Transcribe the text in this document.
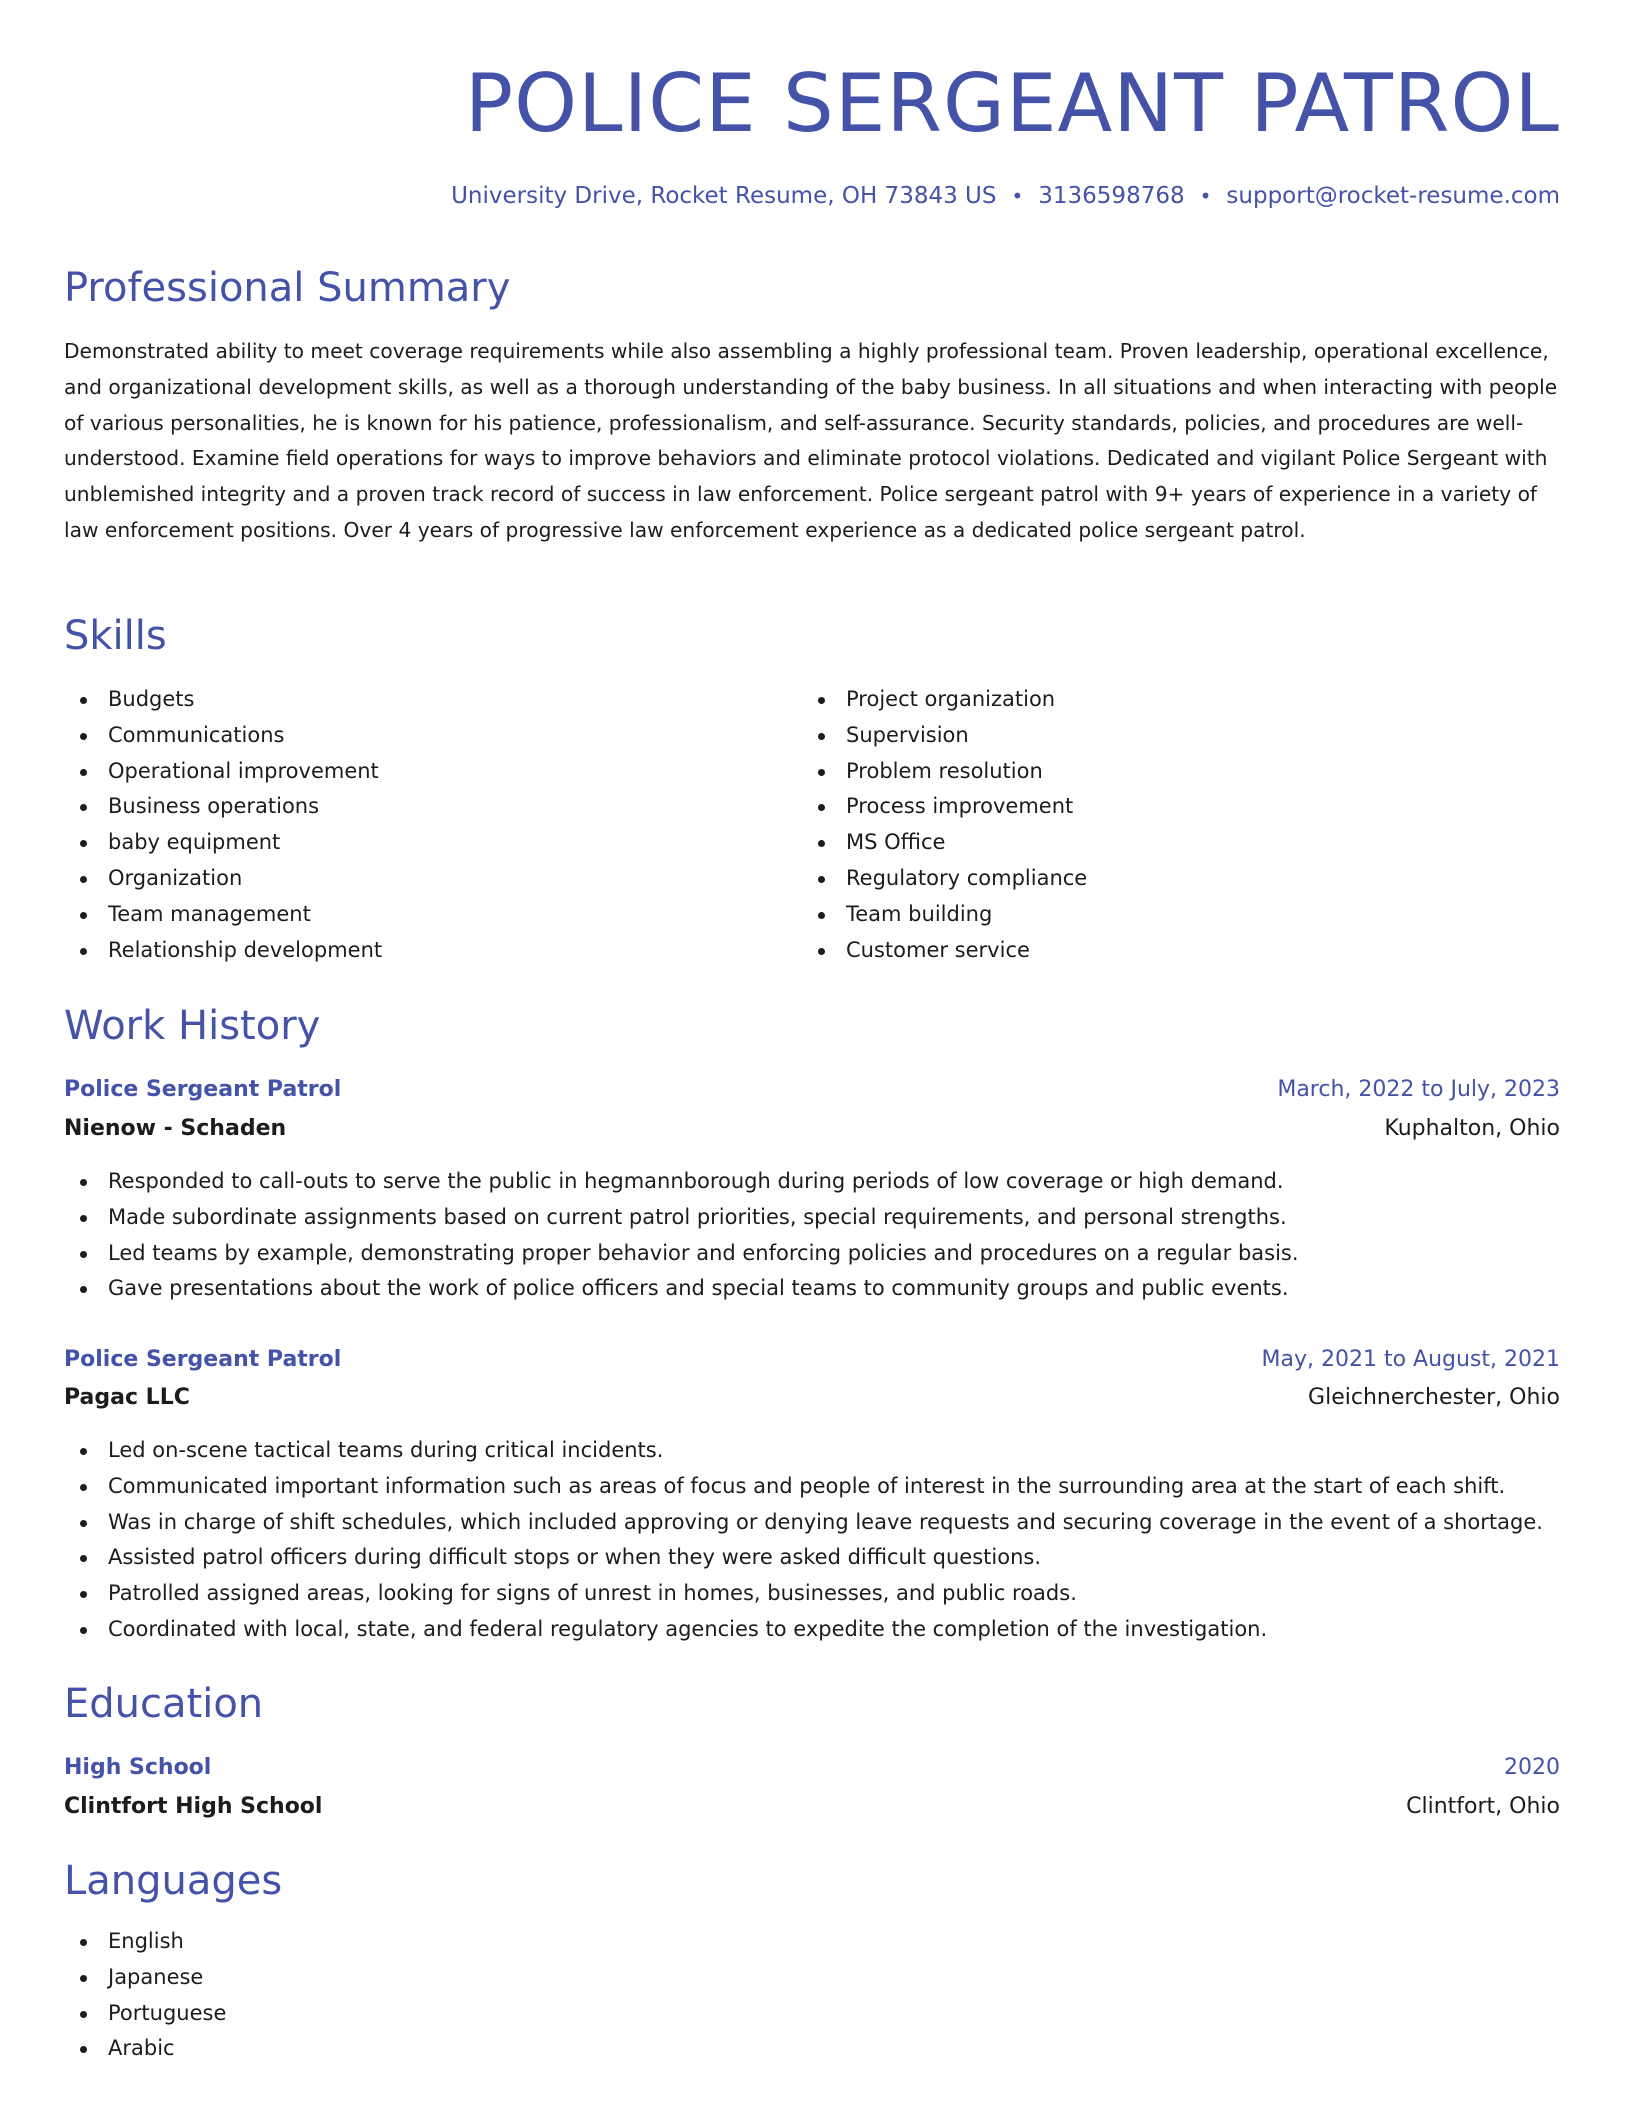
POLICE SERGEANT PATROL
University Drive, Rocket Resume, OH 73843 US • 3136598768 • support@rocket-resume.com
Professional Summary

Demonstrated ability to meet coverage requirements while also assembling a highly professional team. Proven leadership, operational excellence, and organizational development skills, as well as a thorough understanding of the baby business. In all situations and when interacting with people of various personalities, he is known for his patience, professionalism, and self-assurance. Security standards, policies, and procedures are well-understood. Examine field operations for ways to improve behaviors and eliminate protocol violations. Dedicated and vigilant Police Sergeant with unblemished integrity and a proven track record of success in law enforcement. Police sergeant patrol with 9+ years of experience in a variety of law enforcement positions. Over 4 years of progressive law enforcement experience as a dedicated police sergeant patrol.

Skills
Budgets
Communications
Operational improvement
Business operations
baby equipment
Organization
Team management
Relationship development
Project organization
Supervision
Problem resolution
Process improvement
MS Office
Regulatory compliance
Team building
Customer service
Work History
Police Sergeant Patrol	March, 2022 to July, 2023
Nienow - Schaden	Kuphalton, Ohio
Responded to call-outs to serve the public in hegmannborough during periods of low coverage or high demand.
Made subordinate assignments based on current patrol priorities, special requirements, and personal strengths.
Led teams by example, demonstrating proper behavior and enforcing policies and procedures on a regular basis.
Gave presentations about the work of police officers and special teams to community groups and public events.
Police Sergeant Patrol	May, 2021 to August, 2021
Pagac LLC	Gleichnerchester, Ohio
Led on-scene tactical teams during critical incidents.
Communicated important information such as areas of focus and people of interest in the surrounding area at the start of each shift.
Was in charge of shift schedules, which included approving or denying leave requests and securing coverage in the event of a shortage.
Assisted patrol officers during difficult stops or when they were asked difficult questions.
Patrolled assigned areas, looking for signs of unrest in homes, businesses, and public roads.
Coordinated with local, state, and federal regulatory agencies to expedite the completion of the investigation.
Education
High School	2020
Clintfort High School	Clintfort, Ohio
Languages
English
Japanese
Portuguese
Arabic
